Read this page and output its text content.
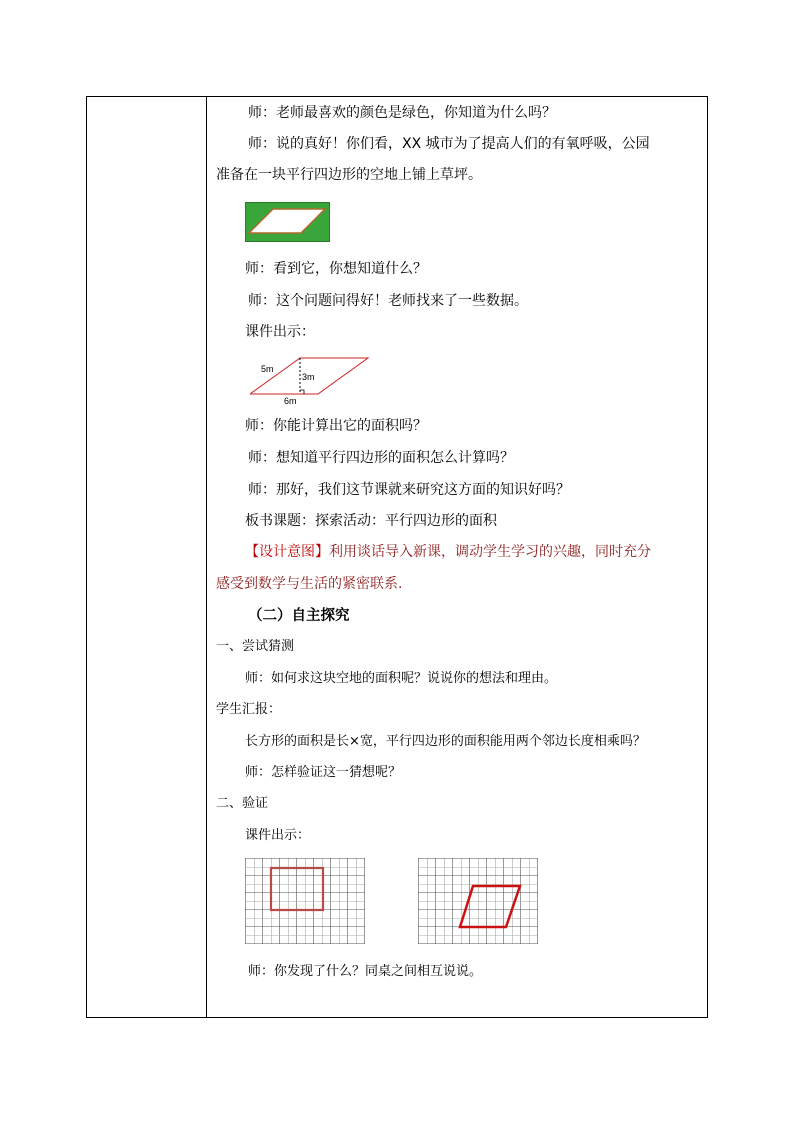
师：老师最喜欢的颜色是绿色，你知道为什么吗？
师：说的真好！你们看，XX 城市为了提高人们的有氧呼吸，公园
准备在一块平行四边形的空地上铺上草坪。
师：看到它，你想知道什么？
师：这个问题问得好！老师找来了一些数据。
课件出示：
5m
3m
6m
师：你能计算出它的面积吗？
师：想知道平行四边形的面积怎么计算吗？
师：那好，我们这节课就来研究这方面的知识好吗？
板书课题：探索活动：平行四边形的面积
【设计意图】利用谈话导入新课，调动学生学习的兴趣，同时充分
感受到数学与生活的紧密联系.
（二）自主探究
一、尝试猜测
师：如何求这块空地的面积呢？说说你的想法和理由。
学生汇报：
长方形的面积是长×宽，平行四边形的面积能用两个邻边长度相乘吗？
师：怎样验证这一猜想呢？
二、验证
课件出示：
师：你发现了什么？同桌之间相互说说。
